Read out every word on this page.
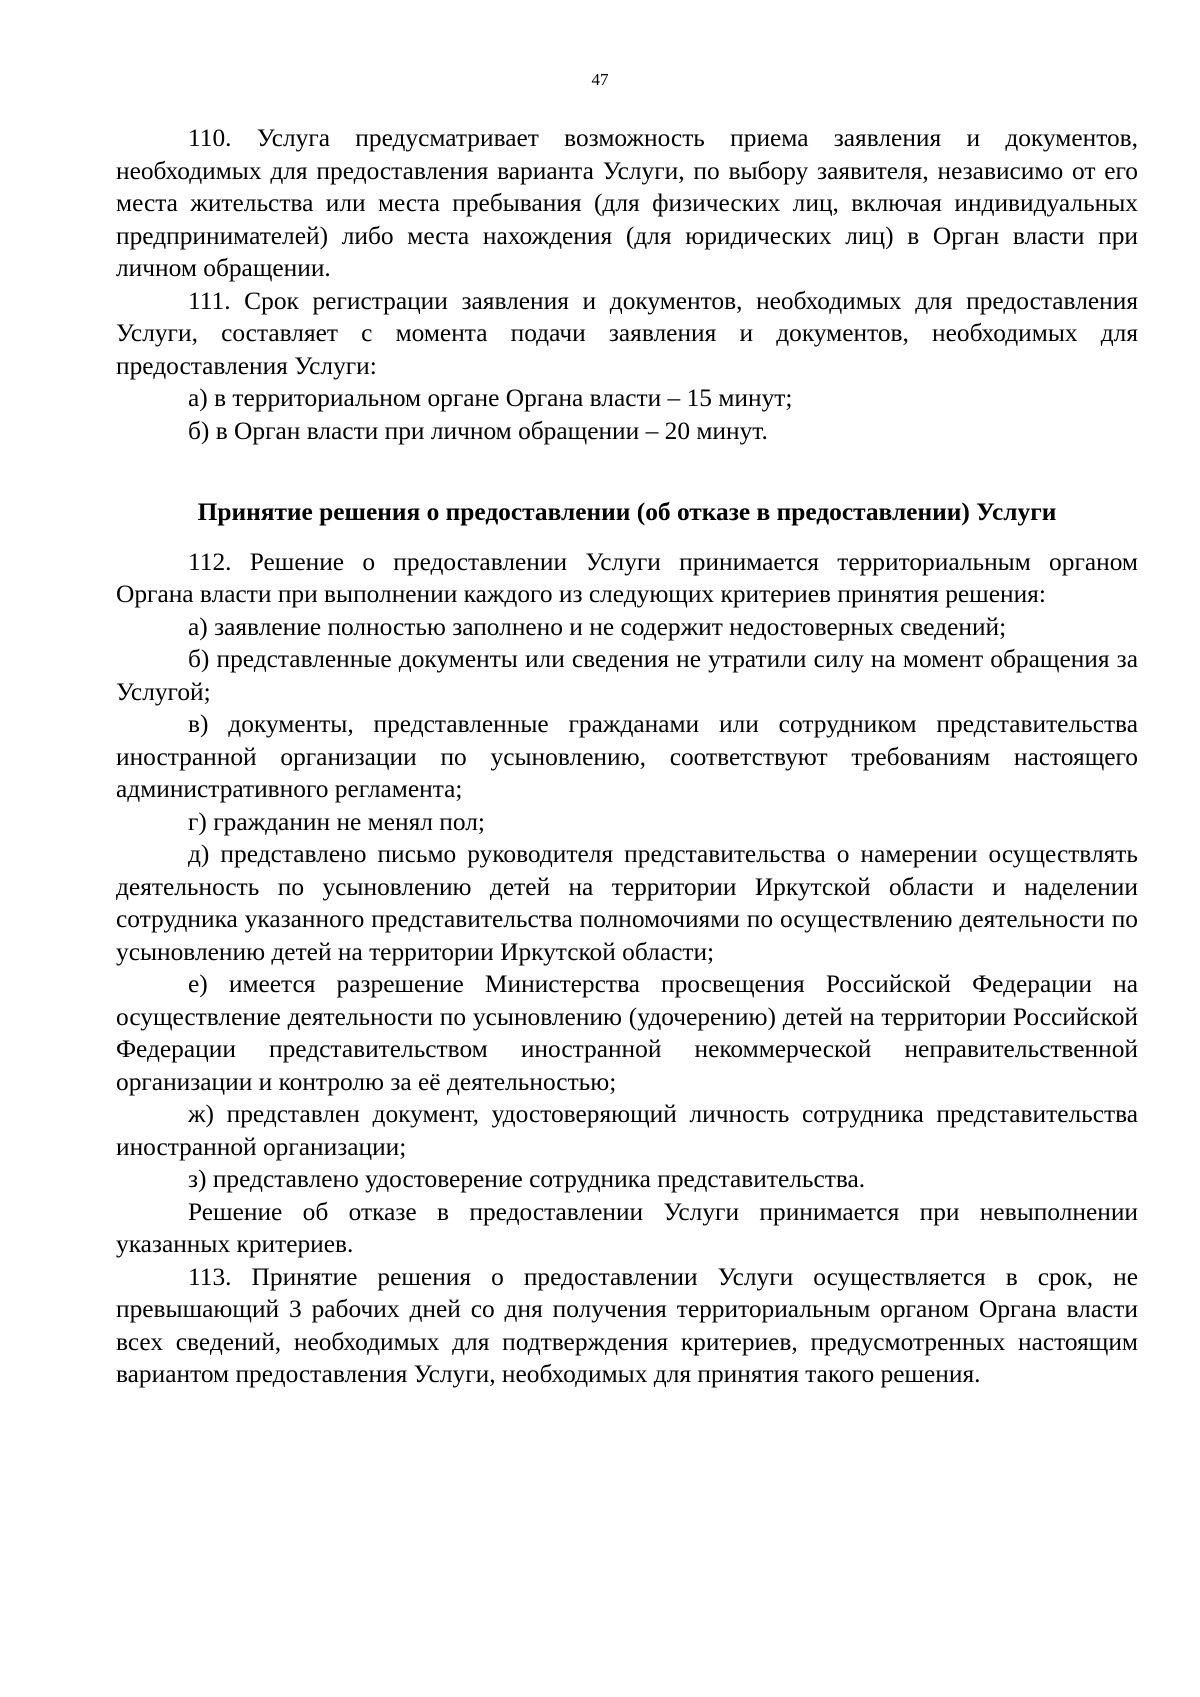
47

110. Услуга предусматривает возможность приема заявления и документов, необходимых для предоставления варианта Услуги, по выбору заявителя, независимо от его места жительства или места пребывания (для физических лиц, включая индивидуальных предпринимателей) либо места нахождения (для юридических лиц) в Орган власти при личном обращении.

111. Срок регистрации заявления и документов, необходимых для предоставления Услуги, составляет с момента подачи заявления и документов, необходимых для предоставления Услуги:

а) в территориальном органе Органа власти – 15 минут;

б) в Орган власти при личном обращении – 20 минут.

Принятие решения о предоставлении (об отказе в предоставлении) Услуги

112. Решение о предоставлении Услуги принимается территориальным органом Органа власти при выполнении каждого из следующих критериев принятия решения:

а) заявление полностью заполнено и не содержит недостоверных сведений;

б) представленные документы или сведения не утратили силу на момент обращения за Услугой;

в) документы, представленные гражданами или сотрудником представительства иностранной организации по усыновлению, соответствуют требованиям настоящего административного регламента;

г) гражданин не менял пол;

д) представлено письмо руководителя представительства о намерении осуществлять деятельность по усыновлению детей на территории Иркутской области и наделении сотрудника указанного представительства полномочиями по осуществлению деятельности по усыновлению детей на территории Иркутской области;

е) имеется разрешение Министерства просвещения Российской Федерации на осуществление деятельности по усыновлению (удочерению) детей на территории Российской Федерации представительством иностранной некоммерческой неправительственной организации и контролю за её деятельностью;

ж) представлен документ, удостоверяющий личность сотрудника представительства иностранной организации;

з) представлено удостоверение сотрудника представительства.

Решение об отказе в предоставлении Услуги принимается при невыполнении указанных критериев.

113. Принятие решения о предоставлении Услуги осуществляется в срок, не превышающий 3 рабочих дней со дня получения территориальным органом Органа власти всех сведений, необходимых для подтверждения критериев, предусмотренных настоящим вариантом предоставления Услуги, необходимых для принятия такого решения.
